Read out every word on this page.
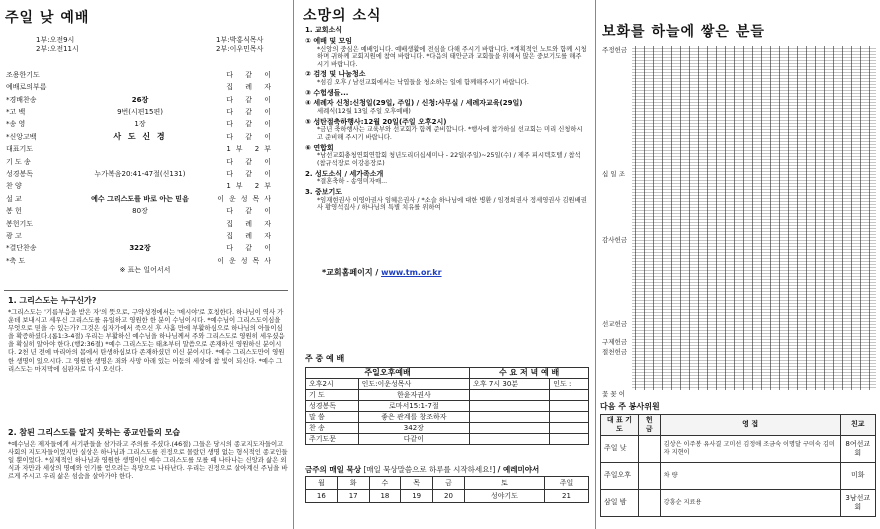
주일 낮 예배
1부:오전9시
2부:오전11시
1부:박홍식목사
2부:이우민목사
조용한기도	다 같 이
예배로의부름	집 례 자
*경배찬송	26장	다 같 이
*고 백	9번(시편15편)	다 같 이
*송 영	1장	다 같 이
*신앙고백	사 도 신 경	다 같 이
대표기도	1부 2부
기 도 송	다 같 이
성경봉독	누가복음20:41-47절(신131)	다 같 이
찬 양	1부 2부
설 교	예수 그리스도를 바로 아는 믿음	이운성목사
봉 헌	80장	다 같 이
봉헌기도	집 례 자
광 고	집 례 자
*결단찬송	322장	다 같 이
*축 도	이운성목사
※ 표는 일어서서
1. 그리스도는 누구신가?

*그리스도는 '기름부음을 받은 자'의 뜻으로, 구약성경에서는 '메시야'로 호칭한다. 하나님이 역사 가운데 보내시고 세우신 그리스도를 유일하고 영원한 한 분이 수님이시다. *예수님이 그리스도이심을 무엇으로 믿을 수 있는가? 그것은 십자가에서 죽으신 후 사흘 만에 부활하심으로 하나님의 아들이심을 확증하셨다.(롬1:3-4절) 우리는 부활하신 예수님을 하나님께서 주와 그리스도로 영원히 세우셨음을 확실히 알아야 한다.(행2:36절) *예수 그리스도는 태초부터 말씀으로 존재하신 영원하신 분이시다. 2천 년 전에 마리아의 몸에서 탄생하심보다 존재하셨던 이신 분이시다. *예수 그리스도만이 영원한 생명이 있으시다. 그 영원한 생명은 죄와 사망 아래 있는 어둠의 세상에 참 빛이 되신다. *예수 그리스도는 마지막에 심판자로 다시 오신다.

2. 참된 그리스도를 알지 못하는 종교인들의 모습

*예수님은 제자들에게 서기관들을 삼가라고 주의를 주셨다.(46절) 그들은 당시의 종교지도자들이고 사회의 지도자들이었지만 실상은 하나님과 그리스도를 진정으로 몰랐던 생명 없는 형식적인 종교인들일 뿐이었다. *실제적인 하나님과 영원한 생명이신 예수 그리스도를 모를 때 나타나는 신앙과 삶은 외식과 자만과 세상의 명예와 인기를 얻으려는 욕망으로 나타난다. 우리는 진정으로 살아계신 주님을 바르게 주시고 우리 삶은 섬숨을 살아가야 한다.

소망의 소식
1. 교회소식
① 예배 및 모임
*신앙의 중심은 예배입니다. 예배생활에 전심을 다해 주시기 바랍니다. *계획적인 노트와 함께 시청하며 귀하께 교회지원에 참여 바랍니다. *다음의 태안군과 교회들을 위해서 많은 중보기도를 해주시기 바랍니다.
② 검정 및 나눔청소
*섬김 오후 / 남선교회에서는 낙엽들을 청소하는 일에 함께해주시기 바랍니다.
③ 수험생들...
④ 세례자 신청:신청일(29일, 주일) / 신청:사무실 / 세례자교육(29일)
세례식(12월 13일 주일 오후예배)
⑤ 성탄절축하행사:12월 20일(주일 오후2시)
*금년 축하행사는 교육부와 선교회가 함께 준비합니다. *행사에 참가하실 선교회는 미리 신청하시고 준비해 주시기 바랍니다.
⑥ 연합회
*남선교회충청연회연합회 청년도리더십세미나 - 22일(주일)~25일(수) / 제주 피시텍호텔 / 참석(참규석장로 이강용장로)
2. 성도소식 / 세가족소개
*결혼축하 - 송영미자매...
3. 중보기도
*임재현권사 이영아권사 임혜은권사 / *소슬 하나님에 대한 병환 / 임경희권사 정세영권사 김원배권사 황영석집사 / 하나님의 특별 치유를 위하여
*교회홈페이지 / www.tm.or.kr
주 중 예 배
주일오후예배		수 요 저 녁 예 배	
오후2시	인도:이운성목사	오후 7시 30분	인도 :
기 도	한윤자권사		
성경봉독	로마서15:1-7절		
말 씀	좋은 관계를 창조하자		
찬 송	342장		
주기도문	다같이		
금주의 매일 묵상 [매일 묵상말씀으로 하루를 시작하세요!] / 예레미야서
월	화	수	목	금	토	주일
16	17	18	19	20	성야기도	21
보화를 하늘에 쌓은 분들
주정헌금
십 일 조
감사헌금
선교헌금
구제헌금
절천헌금
꽃 꽂 이
다음 주 봉사위원
대 표 기 도	헌 금	영 접	친교
주일 낮		김상은 이주봉 유사결 고미선 김정애 조금숙 이명달 구미숙 김미자 지현이	8여선교회
주일오후		차 량	미화
삼일 밤		강흥순 지료용	3남선교회
